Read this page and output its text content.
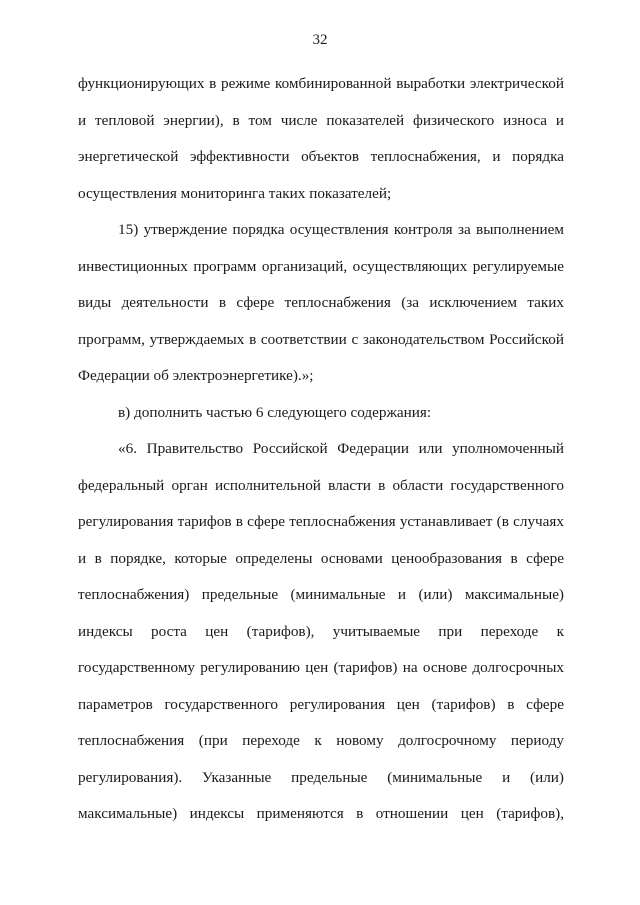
32

функционирующих в режиме комбинированной выработки электрической
и тепловой энергии), в том числе показателей физического износа и
энергетической эффективности объектов теплоснабжения, и порядка
осуществления мониторинга таких показателей;

15) утверждение порядка осуществления контроля за выполнением
инвестиционных программ организаций, осуществляющих регулируемые
виды деятельности в сфере теплоснабжения (за исключением таких
программ, утверждаемых в соответствии с законодательством Российской
Федерации об электроэнергетике).»;

в) дополнить частью 6 следующего содержания:

«6. Правительство Российской Федерации или уполномоченный
федеральный орган исполнительной власти в области государственного
регулирования тарифов в сфере теплоснабжения устанавливает (в случаях
и в порядке, которые определены основами ценообразования в сфере
теплоснабжения) предельные (минимальные и (или) максимальные)
индексы роста цен (тарифов), учитываемые при переходе к
государственному регулированию цен (тарифов) на основе долгосрочных
параметров государственного регулирования цен (тарифов) в сфере
теплоснабжения (при переходе к новому долгосрочному периоду
регулирования). Указанные предельные (минимальные и (или)
максимальные) индексы применяются в отношении цен (тарифов),
